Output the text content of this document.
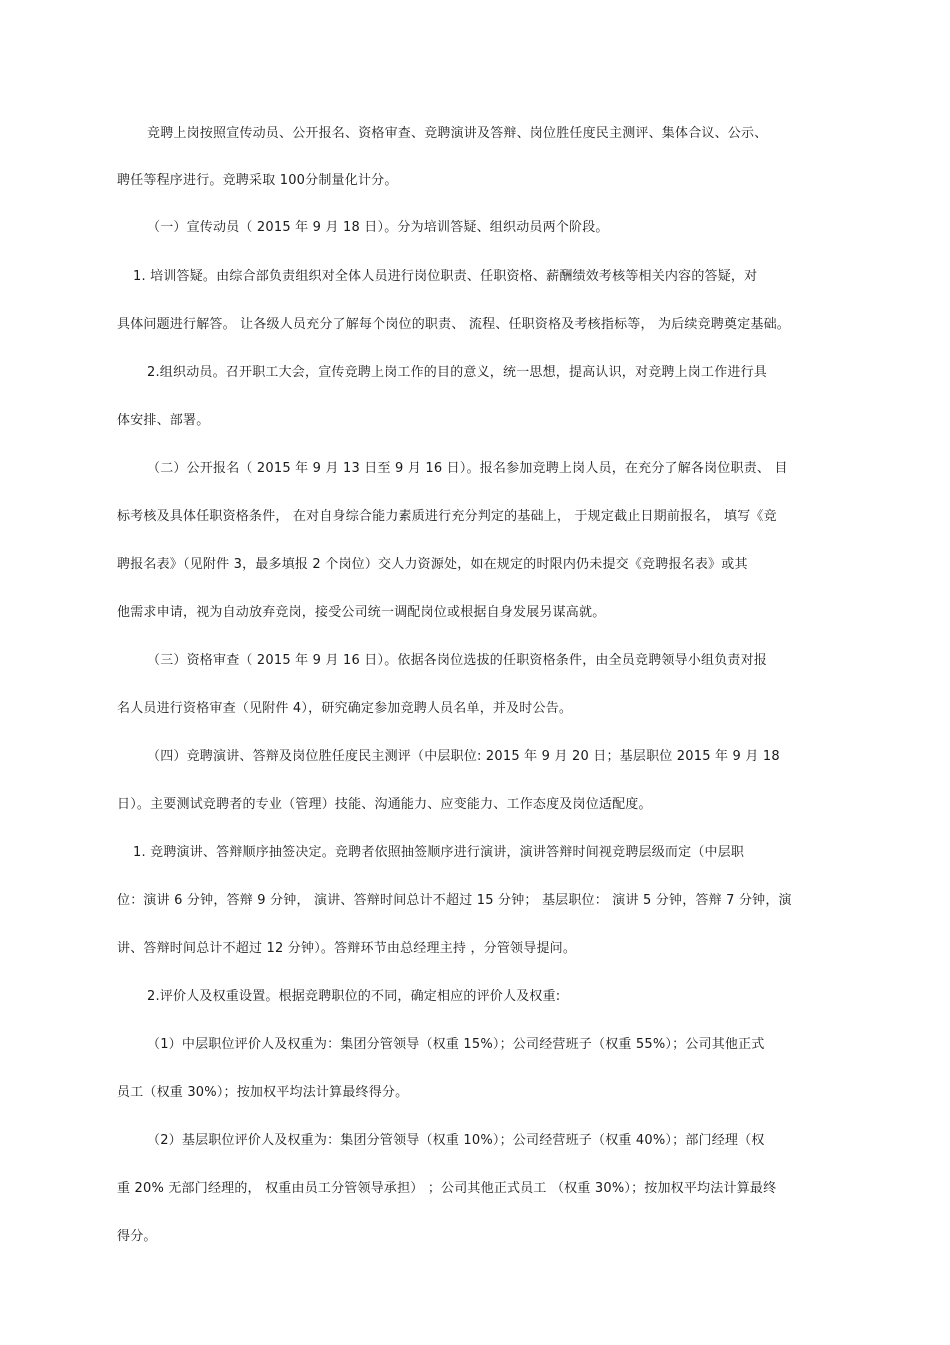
竞聘上岗按照宣传动员、公开报名、资格审查、竞聘演讲及答辩、岗位胜任度民主测评、集体合议、公示、
聘任等程序进行。竞聘采取 100分制量化计分。
（一）宣传动员（ 2015 年 9 月 18 日）。分为培训答疑、组织动员两个阶段。
1. 培训答疑。由综合部负责组织对全体人员进行岗位职责、任职资格、薪酬绩效考核等相关内容的答疑，对
具体问题进行解答。 让各级人员充分了解每个岗位的职责、 流程、任职资格及考核指标等， 为后续竞聘奠定基础。
2.组织动员。召开职工大会，宣传竞聘上岗工作的目的意义，统一思想，提高认识，对竞聘上岗工作进行具
体安排、部署。
（二）公开报名（ 2015 年 9 月 13 日至 9 月 16 日）。报名参加竞聘上岗人员，在充分了解各岗位职责、 目
标考核及具体任职资格条件， 在对自身综合能力素质进行充分判定的基础上， 于规定截止日期前报名， 填写《竞
聘报名表》（见附件 3，最多填报 2 个岗位）交人力资源处，如在规定的时限内仍未提交《竞聘报名表》或其
他需求申请，视为自动放弃竞岗，接受公司统一调配岗位或根据自身发展另谋高就。
（三）资格审查（ 2015 年 9 月 16 日）。依据各岗位选拔的任职资格条件，由全员竞聘领导小组负责对报
名人员进行资格审查（见附件 4），研究确定参加竞聘人员名单，并及时公告。
（四）竞聘演讲、答辩及岗位胜任度民主测评（中层职位: 2015 年 9 月 20 日；基层职位 2015 年 9 月 18
日）。主要测试竞聘者的专业（管理）技能、沟通能力、应变能力、工作态度及岗位适配度。
1. 竞聘演讲、答辩顺序抽签决定。竞聘者依照抽签顺序进行演讲，演讲答辩时间视竞聘层级而定（中层职
位：演讲 6 分钟，答辩 9 分钟， 演讲、答辩时间总计不超过 15 分钟； 基层职位： 演讲 5 分钟，答辩 7 分钟，演
讲、答辩时间总计不超过 12 分钟）。答辩环节由总经理主持 ，分管领导提问。
2.评价人及权重设置。根据竞聘职位的不同，确定相应的评价人及权重:
（1）中层职位评价人及权重为：集团分管领导（权重 15%）；公司经营班子（权重 55%）；公司其他正式
员工（权重 30%）；按加权平均法计算最终得分。
（2）基层职位评价人及权重为：集团分管领导（权重 10%）；公司经营班子（权重 40%）；部门经理（权
重 20% 无部门经理的， 权重由员工分管领导承担） ；公司其他正式员工 （权重 30%）；按加权平均法计算最终
得分。
